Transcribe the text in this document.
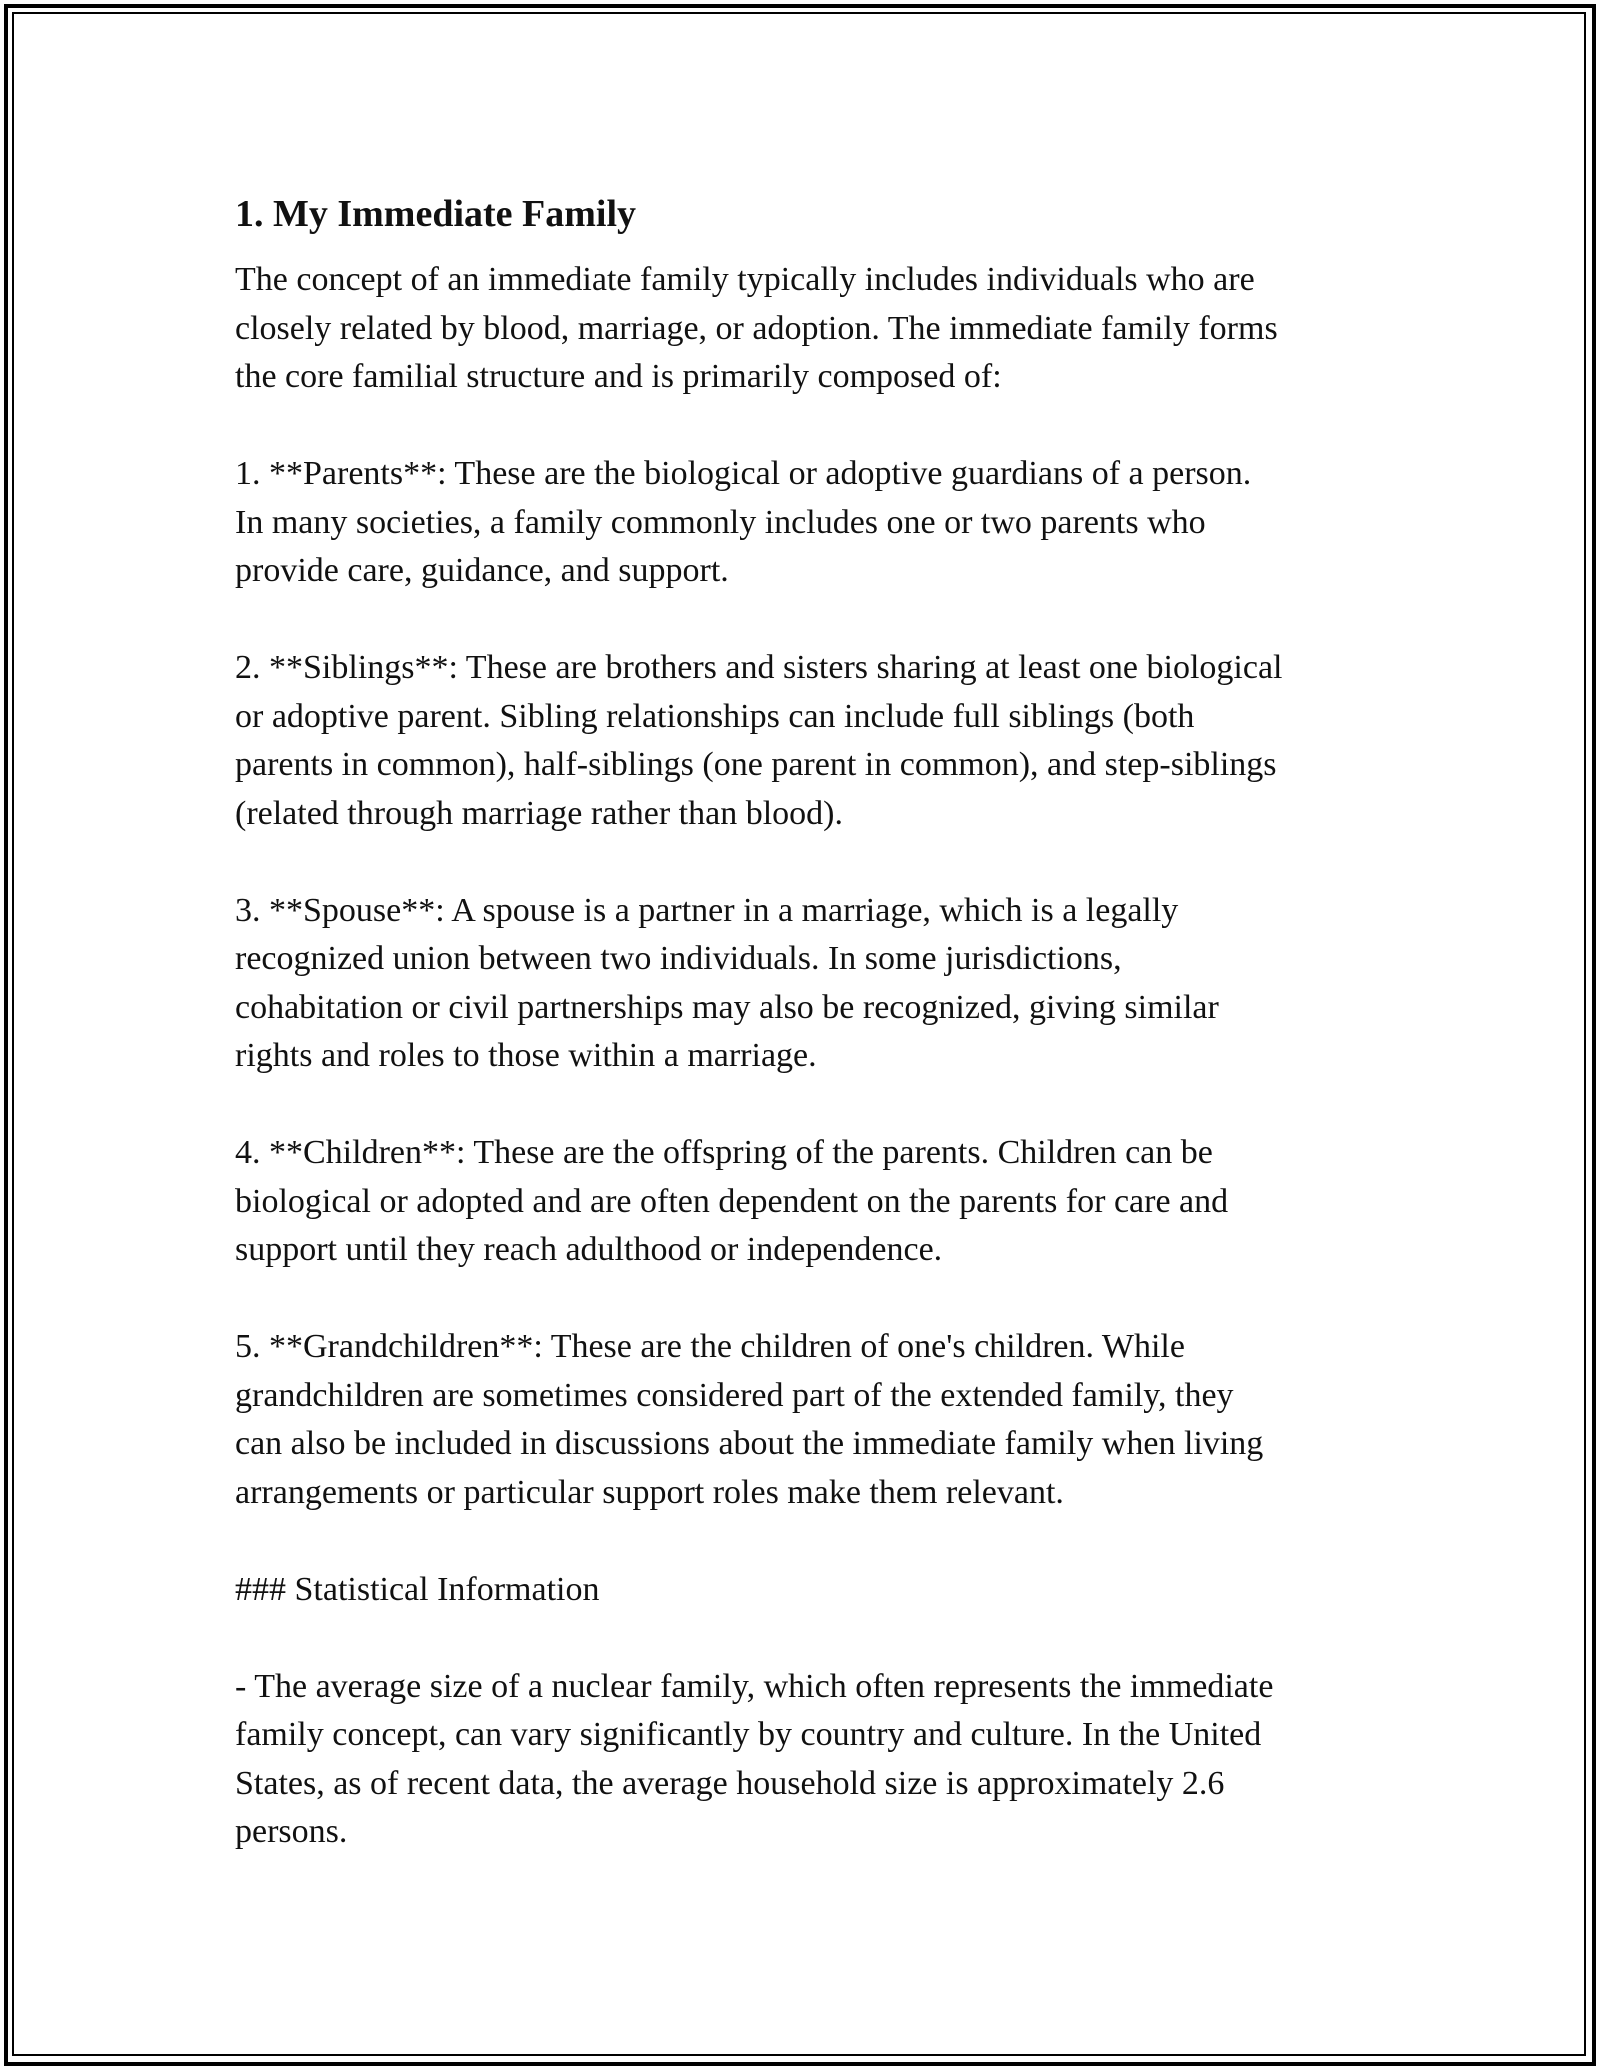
1. My Immediate Family

The concept of an immediate family typically includes individuals who are
closely related by blood, marriage, or adoption. The immediate family forms
the core familial structure and is primarily composed of:

1. **Parents**: These are the biological or adoptive guardians of a person.
In many societies, a family commonly includes one or two parents who
provide care, guidance, and support.

2. **Siblings**: These are brothers and sisters sharing at least one biological
or adoptive parent. Sibling relationships can include full siblings (both
parents in common), half-siblings (one parent in common), and step-siblings
(related through marriage rather than blood).

3. **Spouse**: A spouse is a partner in a marriage, which is a legally
recognized union between two individuals. In some jurisdictions,
cohabitation or civil partnerships may also be recognized, giving similar
rights and roles to those within a marriage.

4. **Children**: These are the offspring of the parents. Children can be
biological or adopted and are often dependent on the parents for care and
support until they reach adulthood or independence.

5. **Grandchildren**: These are the children of one's children. While
grandchildren are sometimes considered part of the extended family, they
can also be included in discussions about the immediate family when living
arrangements or particular support roles make them relevant.

### Statistical Information

- The average size of a nuclear family, which often represents the immediate
family concept, can vary significantly by country and culture. In the United
States, as of recent data, the average household size is approximately 2.6
persons.
